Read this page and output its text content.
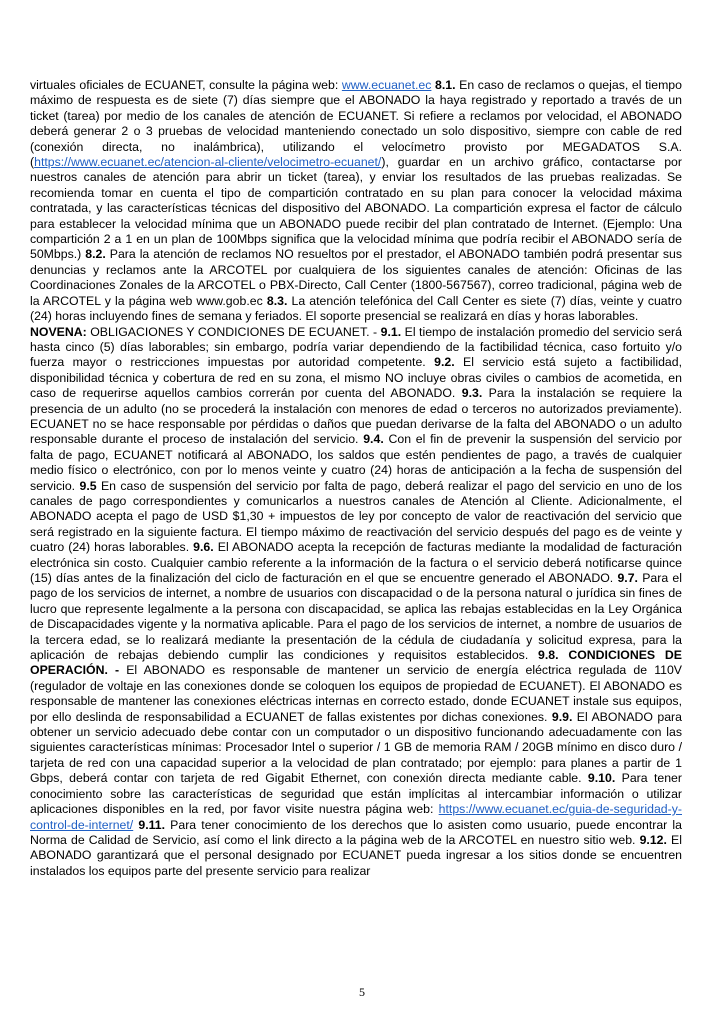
virtuales oficiales de ECUANET, consulte la página web: www.ecuanet.ec 8.1. En caso de reclamos o quejas, el tiempo máximo de respuesta es de siete (7) días siempre que el ABONADO la haya registrado y reportado a través de un ticket (tarea) por medio de los canales de atención de ECUANET. Si refiere a reclamos por velocidad, el ABONADO deberá generar 2 o 3 pruebas de velocidad manteniendo conectado un solo dispositivo, siempre con cable de red (conexión directa, no inalámbrica), utilizando el velocímetro provisto por MEGADATOS S.A. (https://www.ecuanet.ec/atencion-al-cliente/velocimetro-ecuanet/), guardar en un archivo gráfico, contactarse por nuestros canales de atención para abrir un ticket (tarea), y enviar los resultados de las pruebas realizadas. Se recomienda tomar en cuenta el tipo de compartición contratado en su plan para conocer la velocidad máxima contratada, y las características técnicas del dispositivo del ABONADO. La compartición expresa el factor de cálculo para establecer la velocidad mínima que un ABONADO puede recibir del plan contratado de Internet. (Ejemplo: Una compartición 2 a 1 en un plan de 100Mbps significa que la velocidad mínima que podría recibir el ABONADO sería de 50Mbps.) 8.2. Para la atención de reclamos NO resueltos por el prestador, el ABONADO también podrá presentar sus denuncias y reclamos ante la ARCOTEL por cualquiera de los siguientes canales de atención: Oficinas de las Coordinaciones Zonales de la ARCOTEL o PBX-Directo, Call Center (1800-567567), correo tradicional, página web de la ARCOTEL y la página web www.gob.ec 8.3. La atención telefónica del Call Center es siete (7) días, veinte y cuatro (24) horas incluyendo fines de semana y feriados. El soporte presencial se realizará en días y horas laborables.

NOVENA: OBLIGACIONES Y CONDICIONES DE ECUANET. - 9.1. El tiempo de instalación promedio del servicio será hasta cinco (5) días laborables; sin embargo, podría variar dependiendo de la factibilidad técnica, caso fortuito y/o fuerza mayor o restricciones impuestas por autoridad competente. 9.2. El servicio está sujeto a factibilidad, disponibilidad técnica y cobertura de red en su zona, el mismo NO incluye obras civiles o cambios de acometida, en caso de requerirse aquellos cambios correrán por cuenta del ABONADO. 9.3. Para la instalación se requiere la presencia de un adulto (no se procederá la instalación con menores de edad o terceros no autorizados previamente). ECUANET no se hace responsable por pérdidas o daños que puedan derivarse de la falta del ABONADO o un adulto responsable durante el proceso de instalación del servicio. 9.4. Con el fin de prevenir la suspensión del servicio por falta de pago, ECUANET notificará al ABONADO, los saldos que estén pendientes de pago, a través de cualquier medio físico o electrónico, con por lo menos veinte y cuatro (24) horas de anticipación a la fecha de suspensión del servicio. 9.5 En caso de suspensión del servicio por falta de pago, deberá realizar el pago del servicio en uno de los canales de pago correspondientes y comunicarlos a nuestros canales de Atención al Cliente. Adicionalmente, el ABONADO acepta el pago de USD $1,30 + impuestos de ley por concepto de valor de reactivación del servicio que será registrado en la siguiente factura. El tiempo máximo de reactivación del servicio después del pago es de veinte y cuatro (24) horas laborables. 9.6. El ABONADO acepta la recepción de facturas mediante la modalidad de facturación electrónica sin costo. Cualquier cambio referente a la información de la factura o el servicio deberá notificarse quince (15) días antes de la finalización del ciclo de facturación en el que se encuentre generado el ABONADO. 9.7. Para el pago de los servicios de internet, a nombre de usuarios con discapacidad o de la persona natural o jurídica sin fines de lucro que represente legalmente a la persona con discapacidad, se aplica las rebajas establecidas en la Ley Orgánica de Discapacidades vigente y la normativa aplicable. Para el pago de los servicios de internet, a nombre de usuarios de la tercera edad, se lo realizará mediante la presentación de la cédula de ciudadanía y solicitud expresa, para la aplicación de rebajas debiendo cumplir las condiciones y requisitos establecidos. 9.8. CONDICIONES DE OPERACIÓN. - El ABONADO es responsable de mantener un servicio de energía eléctrica regulada de 110V (regulador de voltaje en las conexiones donde se coloquen los equipos de propiedad de ECUANET). El ABONADO es responsable de mantener las conexiones eléctricas internas en correcto estado, donde ECUANET instale sus equipos, por ello deslinda de responsabilidad a ECUANET de fallas existentes por dichas conexiones. 9.9. El ABONADO para obtener un servicio adecuado debe contar con un computador o un dispositivo funcionando adecuadamente con las siguientes características mínimas: Procesador Intel o superior / 1 GB de memoria RAM / 20GB mínimo en disco duro / tarjeta de red con una capacidad superior a la velocidad de plan contratado; por ejemplo: para planes a partir de 1 Gbps, deberá contar con tarjeta de red Gigabit Ethernet, con conexión directa mediante cable. 9.10. Para tener conocimiento sobre las características de seguridad que están implícitas al intercambiar información o utilizar aplicaciones disponibles en la red, por favor visite nuestra página web: https://www.ecuanet.ec/guia-de-seguridad-y-control-de-internet/ 9.11. Para tener conocimiento de los derechos que lo asisten como usuario, puede encontrar la Norma de Calidad de Servicio, así como el link directo a la página web de la ARCOTEL en nuestro sitio web. 9.12. El ABONADO garantizará que el personal designado por ECUANET pueda ingresar a los sitios donde se encuentren instalados los equipos parte del presente servicio para realizar

5
